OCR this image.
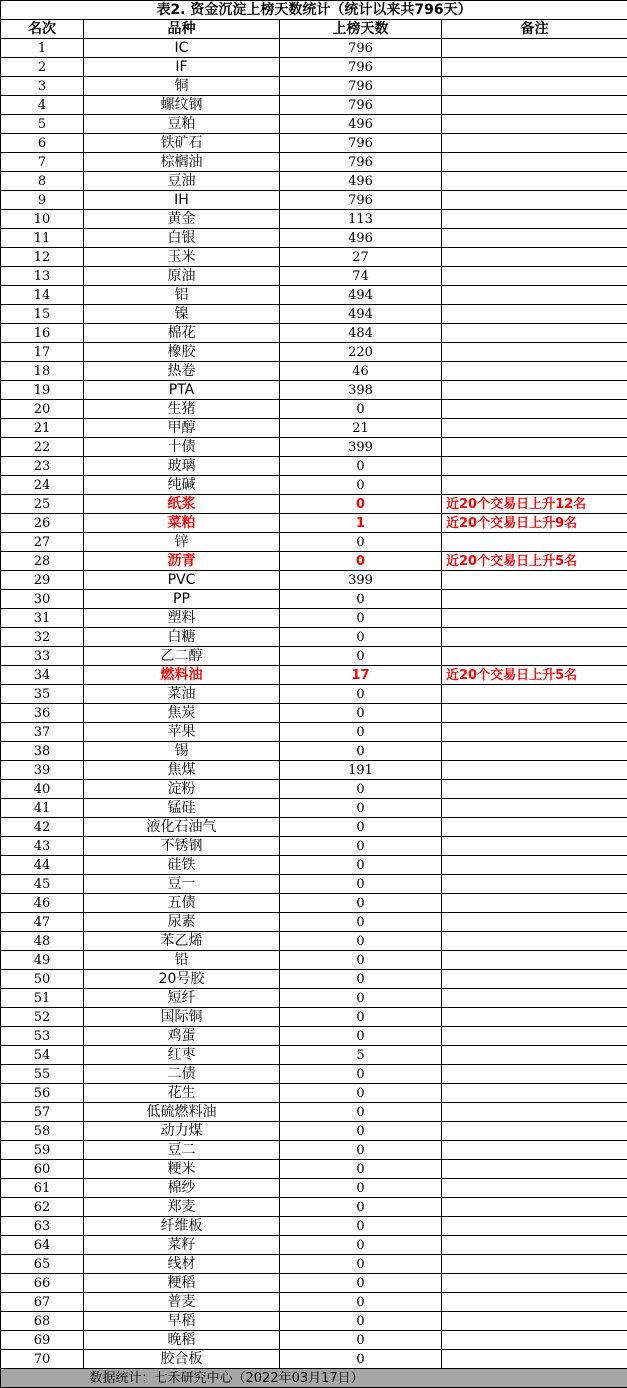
表2. 资金沉淀上榜天数统计（统计以来共796天）			
名次	品种	上榜天数	备注
1	IC	796	
2	IF	796	
3	铜	796	
4	螺纹钢	796	
5	豆粕	496	
6	铁矿石	796	
7	棕榈油	796	
8	豆油	496	
9	IH	796	
10	黄金	113	
11	白银	496	
12	玉米	27	
13	原油	74	
14	铝	494	
15	镍	494	
16	棉花	484	
17	橡胶	220	
18	热卷	46	
19	PTA	398	
20	生猪	0	
21	甲醇	21	
22	十债	399	
23	玻璃	0	
24	纯碱	0	
25	纸浆	0	近20个交易日上升12名
26	菜粕	1	近20个交易日上升9名
27	锌	0	
28	沥青	0	近20个交易日上升5名
29	PVC	399	
30	PP	0	
31	塑料	0	
32	白糖	0	
33	乙二醇	0	
34	燃料油	17	近20个交易日上升5名
35	菜油	0	
36	焦炭	0	
37	苹果	0	
38	锡	0	
39	焦煤	191	
40	淀粉	0	
41	锰硅	0	
42	液化石油气	0	
43	不锈钢	0	
44	硅铁	0	
45	豆一	0	
46	五债	0	
47	尿素	0	
48	苯乙烯	0	
49	铅	0	
50	20号胶	0	
51	短纤	0	
52	国际铜	0	
53	鸡蛋	0	
54	红枣	5	
55	二债	0	
56	花生	0	
57	低硫燃料油	0	
58	动力煤	0	
59	豆二	0	
60	粳米	0	
61	棉纱	0	
62	郑麦	0	
63	纤维板	0	
64	菜籽	0	
65	线材	0	
66	粳稻	0	
67	普麦	0	
68	早稻	0	
69	晚稻	0	
70	胶合板	0	
	数据统计：七禾研究中心（2022年03月17日）		
